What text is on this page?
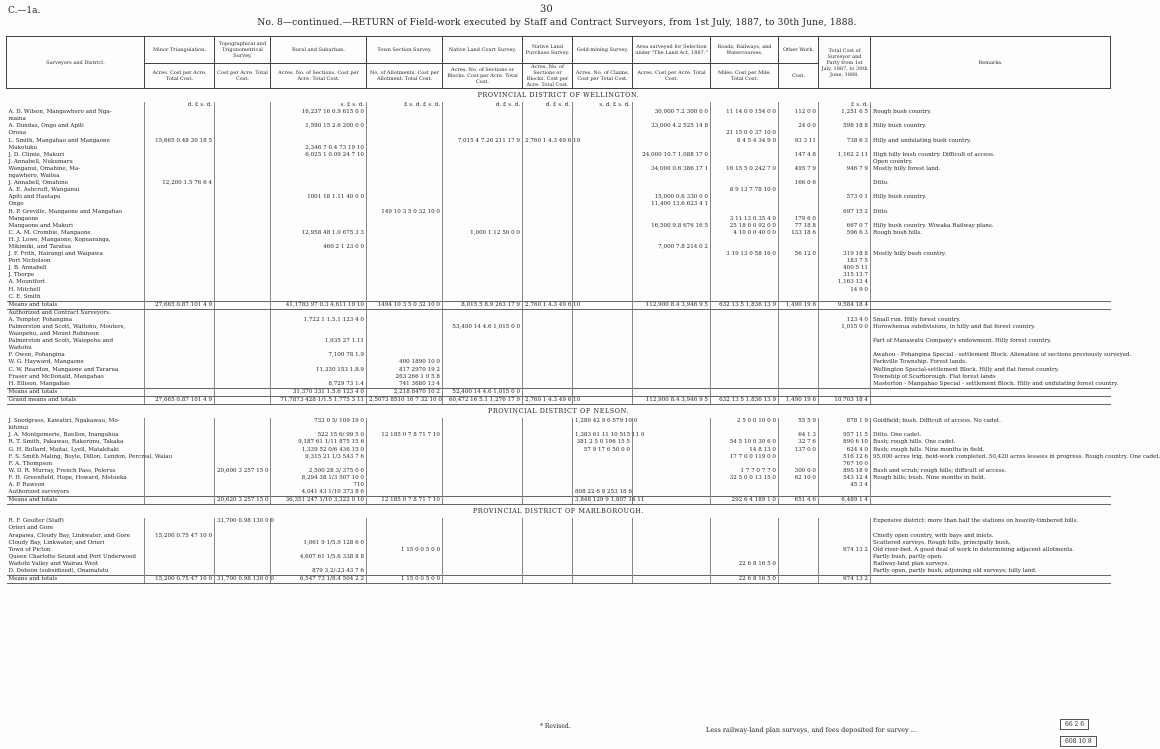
C.—1a.	30
No. 8—continued.—RETURN of Field-work executed by Staff and Contract Surveyors, from 1st July, 1887, to 30th June, 1888.
Surveyors and District.	Minor Triangulation.	Topographical and Trigonometrical Survey.	Rural and Suburban.	Town Section Survey.	Native Land Court Survey.	Native Land Purchase Survey.	Gold-mining Survey.	Area surveyed for Selection under "The Land Act, 1887."	Roads, Railways, and Watercourses.	Other Work.	Total Cost of Surveyor and Party from 1st July, 1887, to 30th June, 1888.	Remarks.
	Acres. Cost per Acre. Total Cost.	Cost per Acre. Total Cost.	Acres. No. of Sections. Cost per Acre. Total Cost.	No. of Allotments. Cost per Allotment. Total Cost.	Acres. No. of Sections or Blocks. Cost per Acre. Total Cost.	Acres. No. of Sections or Blocks. Cost per Acre. Total Cost.	Acres. No. of Claims. Cost per Total Cost.	Acres. Cost per Acre. Total Cost.	Miles. Cost per Mile. Total Cost.	Cost.		
PROVINCIAL DISTRICT OF WELLINGTON.												
	d. £ s. d.		s. £ s. d.	£ s. d. £ s. d.	d. £ s. d.	d. £ s. d.	s. d. £ s. d.				£ s. d.	
A. D. Wilson, Mangawhero and Nga-			16,237 16 0.9 615 0 0					30,000 7.2 300 0 0	11 14 0 0 154 0 0	112 0 0	1,251 6 5	Rough bush country.
maina												
A. Dundas, Ongo and Apiti			1,590 15 2.6 200 0 0					33,000 4.2 525 14 8		24 0 0	598 18 8	Hilly bush country.
Oroua									21 15 0 0 37 10 0			
L. Smith, Mangahao and Mangaone	15,665 0.48 30 18 5				7,015 4 7.26 211 17 9	2,760 1 4.3 49 6 10			8 4 5 4 34 9 0	93 3 11	738 6 3	Hilly and undulating bush country.
Makotuku			2,346 7 0.4 73 19 10									
J. D. Climie, Makuri			6,025 1 0.09 24 7 10					24,000 10.7 1,088 17 0		147 4 8	1,162 2 11	High hilly bush country. Difficult of access.
J. Annabell, Nukumaru												Open country.
Wanganui, Omahine, Ma-								34,000 0.6 386 17 1	16 15 5 0 242 7 0	495 7 9	946 7 9	Mostly hilly forest land.
ngawhero, Waitea												
J. Annabell, Omahine	12,200 1.5 76 6 4									166 0 6		Ditto.
A. E. Ashcroft, Wanganui									8 9 13 7 78 10 0			
Apiti and Hautapu			1001 18 1.11 40 0 0					15,000 0.6 330 0 0			573 0 1	Hilly bush country.
Ongo								11,400 13.6 623 4 1				
B. P. Greville, Mangaone and Mangahao				149 10 3 5 0 32 10 0							697 15 2	Ditto.
Mangaone									3 11 13 0 35 4 0	179 6 0		
Mangaone and Makuri								16,500 9.8 676 16 5	25 18 0 0 92 0 0	77 18 8	667 0 7	Hilly bush country. Wiwaka Railway plans.
C. A. M. Crombie, Mangaone			12,958 48 1.0 675 3 3		1,000 1 12 50 0 0				4 10 0 0 40 0 0	133 18 6	596 6 3	Rough bush hills.
H. J. Lowe, Mangaone, Kopuaranga,												
Mikimiki, and Taratua			460 2 1 23 0 0					7,000 7.8 214 0 2				
J. F. Frith, Hairangi and Waipawa									3 19 13 0 58 16 0	56 12 0	319 18 8	Mostly hilly bush country.
Port Nicholson											183 7 5	
J. B. Annabell											400 5 11	
J. Thorpe											315 13 7	
A. Mountfort											1,163 13 4	
H. Mitchell											14 9 0	
C. E. Smith												
Means and totals	27,665 0.87 101 4 9		41,1783 97 0.3 4,611 19 10	1494 10 3 5 0 32 10 0	8,015 5 8.9 263 17 9	2,760 1 4.3 49 6 10		112,900 8.4 3,946 9 5	632 13 5 1,836 13 9	1,490 19 6	9,584 18 4	
Authorized and Contract Surveyors.												
A. Templer, Pohangina			1,722 1 1.5.1 123 4 0								123 4 0	Small run. Hilly forest country.
Palmerston and Scott, Waitohu, Mouters,					53,400 14 4.6 1,015 0 0						1,015 0 0	Horowhenua subdivisions, in hilly and flat forest country.
Waiopehu, and Mount Robinson												
Palmerston and Scott, Waiopehu and			1,935 27 1.11									Part of Manawatu Company's endowment. Hilly forest country.
Waitohu												
F. Owen, Pohangina			7,100 78 1.9									Awahou - Pohangina Special - settlement Block. Alienation of sections previously surveyed.
W. G. Hayward, Mangaone				400 1890 10 0								Parkville Township. Forest lands.
C. W. Reardon, Mangaone and Tararua			11,330 153 1.8.9	817 2970 19 2								Wellington Special-settlement Block. Hilly and flat forest country.
Fraser and McDonald, Mangahao				263 266 1 0 5 8								Township of Scarborough. Flat forest lands
H. Ellison, Mangahao			8,729 73 1.4	741 3680 13 4								Masterton - Mangahao Special - settlement Block. Hilly and undulating forest country.
Means and totals			31,370 331 1.5.6 123 4 0	2,218 8470 10 2	52,400 14 4.6 1,015 0 0							
Grand means and totals	27,665 0.87 101 4 9		71,7873 428 1/1.5 1,775 3 11	2,5073 8510 16 7 32 10 0	60,472 16 5.1 1,276 17 9	2,760 1 4.3 49 6 10		112,900 8.4 3,946 9 5	632 13 5 1,836 13 9	1,490 19 6	10,703 18 4	
PROVINCIAL DISTRICT OF NELSON.												
J. Snodgrass, Kawatiri, Ngakawau, Mo-			733 0 5/ 109 19 0				1,280 42 9 6 579 10 0		2 5 0 0 10 0 0	55 5 9	878 1 9	Goldfield; bush. Difficult of access. No cadet.
kihinui												
J. A. Montgomerie, Buellon, Inangahua			522 15 6/ 99 5 0	12 185 0 7 8 71 7 10			1,383 61 11 10 515 11 0			64 1 3	957 11 5	Ditto. One cadet.
R. T. Smith, Pakawau, Rakerimu, Takaka			9,187 61 1/11 875 15 6				381 2 5 0 106 15 5		54 5 10 0 30 6 0	32 7 6	890 6 10	Bush; rough hills. One cadet.
G. H. Bullard, Maitai, Lyell, Matakitaki			1,339 52 0/6 436 15 0				57 9 17 6 50 0 0		14 8 13 0	137 0 0	624 4 0	Bush; rough hills. Nine months in field.
F. S. Smith Maling, Boyle, Dillon, Lendon, Percival, Waiau			9,315 21 1/3 543 7 6						17 7 0 0 119 0 0		516 12 6	95,000 acres trig. field-work completed. 50,420 acres lessees in progress. Rough country. One cadet.
F. A. Thompson											767 10 0	
W. D. R. Murray, French Pass, Pelorus		20,600 3 257 15 0	2,500 28 3/ 375 0 0						1 7 7 0 7 7 0	300 0 0	895 18 9	Bush and scrub; rough hills; difficult of access.
F. H. Greenfield, Hope, Howard, Motueka			8,294 38 1/3 507 10 0						32 5 0 0 13 15 0	62 10 0	543 12 4	Rough hills; bush. Nine months in field.
A. P. Rawson			710								45 3 4	
Authorized surveyors			4,041 43 1/10 373 8 6				808 22 6 8 253 18 6					
Means and totals		20,620 3 257 15 0	36,351 247 1/10 3,322 0 10	12 185 0 7 8 71 7 10			3,848 129 9 1,807 14 11		292 6 4 189 1 0	651 4 6	6,489 1 4	
PROVINCIAL DISTRICT OF MARLBOROUGH.												
R. F. Goulter (Staff)		31,700 0.98 130 0 0										Expensive district: more than half the stations on heavily-timbered hills.
Orieri and Gore												
Arapawa, Cloudy Bay, Linkwater, and Gore	15,200 0.75 47 10 0											Chiefly open country, with bays and inlets.
Cloudy Bay, Linkwater, and Orieri			1,061 9 1/5.9 128 6 0									Scattered surveys. Rough hills, principally bush.
Town of Picton				1 15 0 0 5 0 0							674 13 2	Old river-bed. A good deal of work in determining adjacent allotments.
Queen Charlotte Sound and Port Underwood			4,607 61 1/5.6 338 8 8									Partly bush, partly open.
Waitohi Valley and Wairau West									22 6 8 16 5 0			Railway-land plan surveys.
D. Dobson (subsidized), Onamalutu			879 3 2/-23 43 7 6									Partly open, partly bush; adjoining old surveys; hilly land.
Means and totals	15,200 0.75 47 10 0	31,700 0.98 130 0 0	6,547 73 1/8.4 504 2 2	1 15 0 0 5 0 0					22 6 8 16 5 0		674 13 2	
* Revised.	Less railway-land plan surveys, and fees deposited for survey ...
66 2 6
608 10 8
